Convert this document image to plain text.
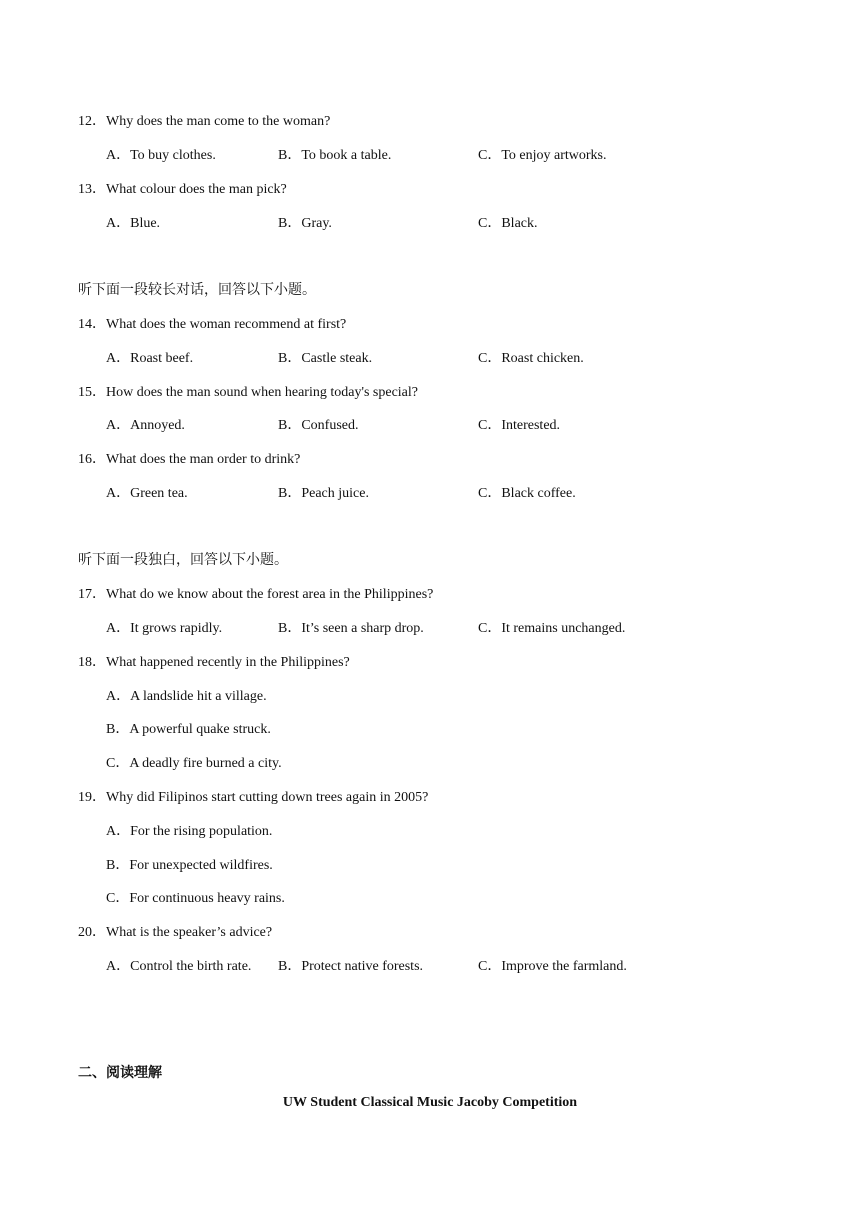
12．Why does the man come to the woman?
A．To buy clothes.	B．To book a table.	C．To enjoy artworks.
13．What colour does the man pick?
A．Blue.	B．Gray.	C．Black.
听下面一段较长对话，回答以下小题。
14．What does the woman recommend at first?
A．Roast beef.	B．Castle steak.	C．Roast chicken.
15．How does the man sound when hearing today's special?
A．Annoyed.	B．Confused.	C．Interested.
16．What does the man order to drink?
A．Green tea.	B．Peach juice.	C．Black coffee.
听下面一段独白，回答以下小题。
17．What do we know about the forest area in the Philippines?
A．It grows rapidly.	B．It’s seen a sharp drop.	C．It remains unchanged.
18．What happened recently in the Philippines?
A．A landslide hit a village.
B．A powerful quake struck.
C．A deadly fire burned a city.
19．Why did Filipinos start cutting down trees again in 2005?
A．For the rising population.
B．For unexpected wildfires.
C．For continuous heavy rains.
20．What is the speaker’s advice?
A．Control the birth rate. B．Protect native forests.	C．Improve the farmland.
二、阅读理解
UW Student Classical Music Jacoby Competition
